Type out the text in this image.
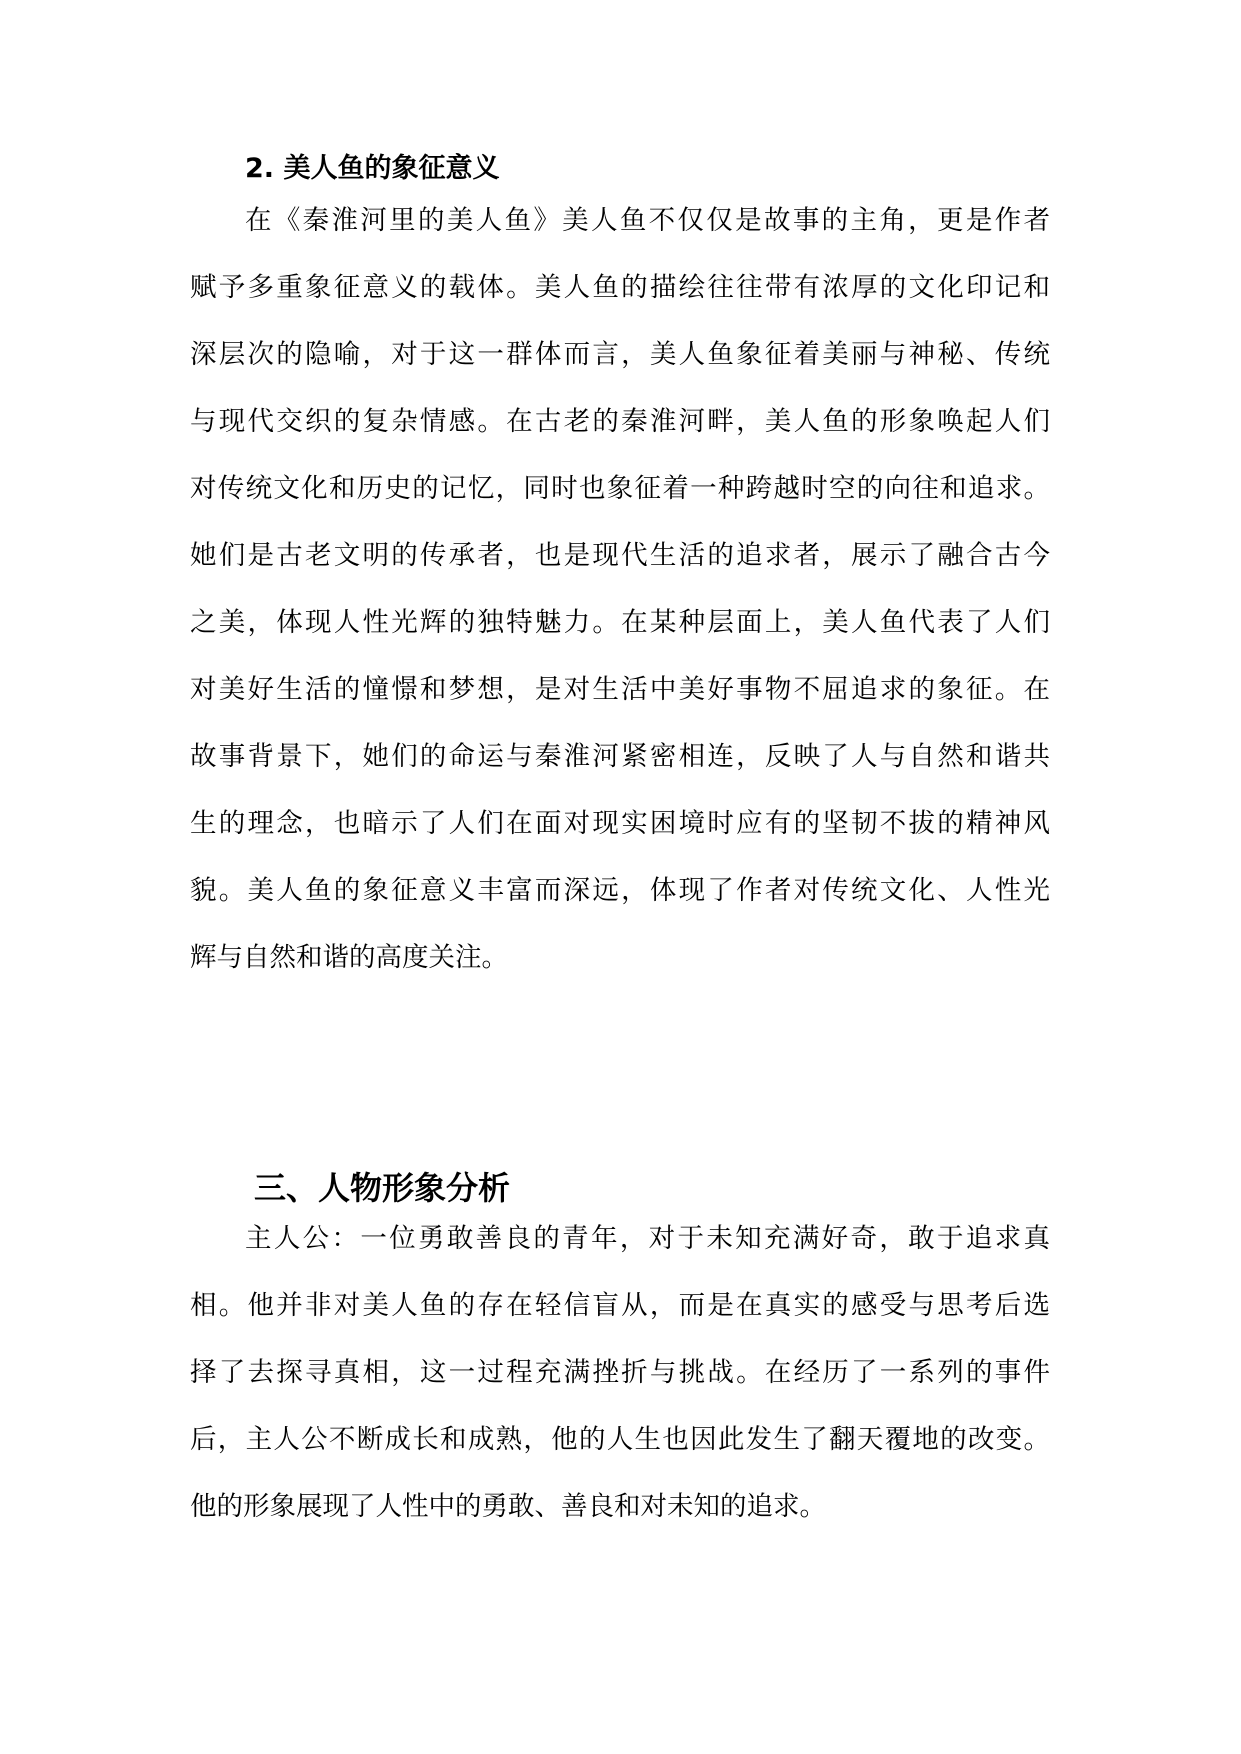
2. 美人鱼的象征意义
在《秦淮河里的美人鱼》美人鱼不仅仅是故事的主角，更是作者
赋予多重象征意义的载体。美人鱼的描绘往往带有浓厚的文化印记和
深层次的隐喻，对于这一群体而言，美人鱼象征着美丽与神秘、传统
与现代交织的复杂情感。在古老的秦淮河畔，美人鱼的形象唤起人们
对传统文化和历史的记忆，同时也象征着一种跨越时空的向往和追求。
她们是古老文明的传承者，也是现代生活的追求者，展示了融合古今
之美，体现人性光辉的独特魅力。在某种层面上，美人鱼代表了人们
对美好生活的憧憬和梦想，是对生活中美好事物不屈追求的象征。在
故事背景下，她们的命运与秦淮河紧密相连，反映了人与自然和谐共
生的理念，也暗示了人们在面对现实困境时应有的坚韧不拔的精神风
貌。美人鱼的象征意义丰富而深远，体现了作者对传统文化、人性光
辉与自然和谐的高度关注。
三、人物形象分析
主人公：一位勇敢善良的青年，对于未知充满好奇，敢于追求真
相。他并非对美人鱼的存在轻信盲从，而是在真实的感受与思考后选
择了去探寻真相，这一过程充满挫折与挑战。在经历了一系列的事件
后，主人公不断成长和成熟，他的人生也因此发生了翻天覆地的改变。
他的形象展现了人性中的勇敢、善良和对未知的追求。
